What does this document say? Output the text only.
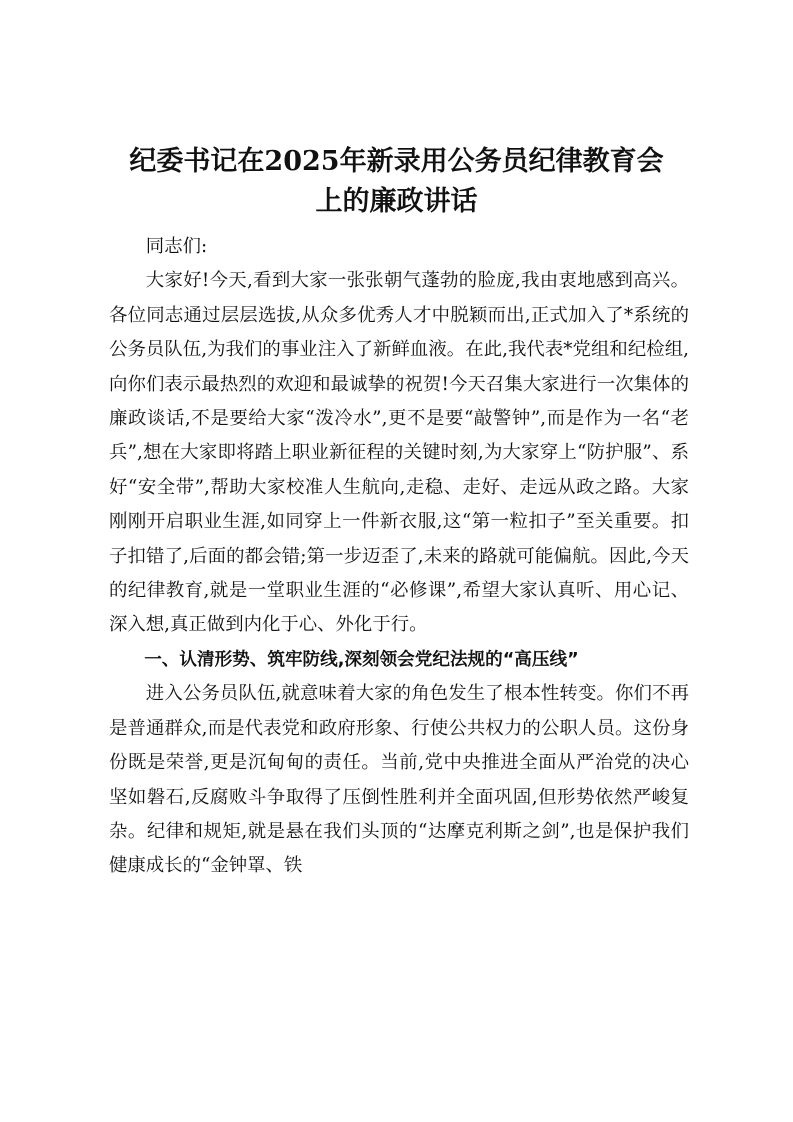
纪委书记在2025年新录用公务员纪律教育会
上的廉政讲话

同志们:

大家好!今天,看到大家一张张朝气蓬勃的脸庞,我由衷地感到高兴。各位同志通过层层选拔,从众多优秀人才中脱颖而出,正式加入了*系统的公务员队伍,为我们的事业注入了新鲜血液。在此,我代表*党组和纪检组,向你们表示最热烈的欢迎和最诚挚的祝贺!今天召集大家进行一次集体的廉政谈话,不是要给大家“泼冷水”,更不是要“敲警钟”,而是作为一名“老兵”,想在大家即将踏上职业新征程的关键时刻,为大家穿上“防护服”、系好“安全带”,帮助大家校准人生航向,走稳、走好、走远从政之路。大家刚刚开启职业生涯,如同穿上一件新衣服,这“第一粒扣子”至关重要。扣子扣错了,后面的都会错;第一步迈歪了,未来的路就可能偏航。因此,今天的纪律教育,就是一堂职业生涯的“必修课”,希望大家认真听、用心记、深入想,真正做到内化于心、外化于行。

一、认清形势、筑牢防线,深刻领会党纪法规的“高压线”

进入公务员队伍,就意味着大家的角色发生了根本性转变。你们不再是普通群众,而是代表党和政府形象、行使公共权力的公职人员。这份身份既是荣誉,更是沉甸甸的责任。当前,党中央推进全面从严治党的决心坚如磐石,反腐败斗争取得了压倒性胜利并全面巩固,但形势依然严峻复杂。纪律和规矩,就是悬在我们头顶的“达摩克利斯之剑”,也是保护我们健康成长的“金钟罩、铁
